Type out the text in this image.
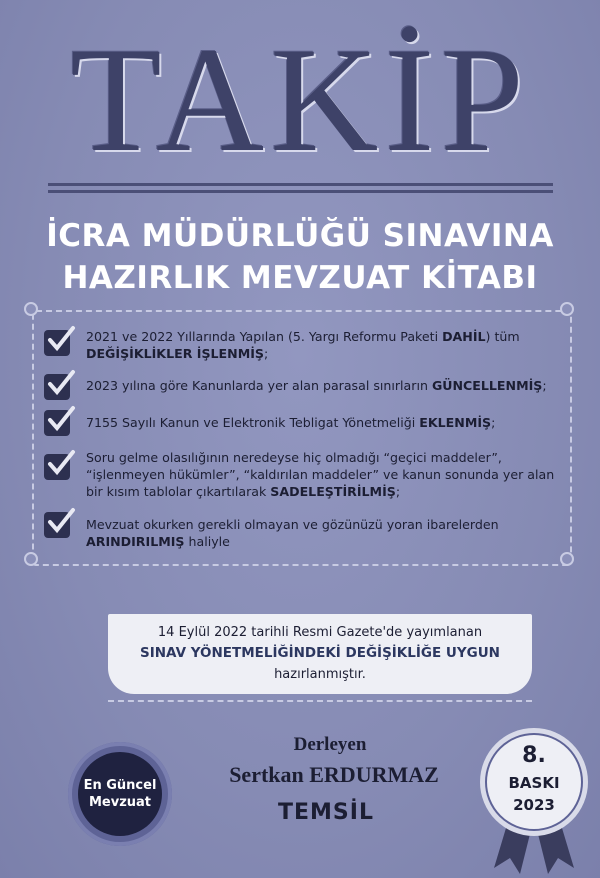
TAKİP
İCRA MÜDÜRLÜĞÜ SINAVINA
HAZIRLIK MEVZUAT KİTABI
2021 ve 2022 Yıllarında Yapılan (5. Yargı Reformu Paketi DAHİL) tüm
DEĞİŞİKLİKLER İŞLENMİŞ;
2023 yılına göre Kanunlarda yer alan parasal sınırların GÜNCELLENMİŞ;
7155 Sayılı Kanun ve Elektronik Tebligat Yönetmeliği EKLENMİŞ;
Soru gelme olasılığının neredeyse hiç olmadığı “geçici maddeler”,
“işlenmeyen hükümler”, “kaldırılan maddeler” ve kanun sonunda yer alan
bir kısım tablolar çıkartılarak SADELEŞTİRİLMİŞ;
Mevzuat okurken gerekli olmayan ve gözünüzü yoran ibarelerden
ARINDIRILMIŞ haliyle
14 Eylül 2022 tarihli Resmi Gazete'de yayımlanan
SINAV YÖNETMELİĞİNDEKİ DEĞİŞİKLİĞE UYGUN
hazırlanmıştır.
En Güncel
Mevzuat
Derleyen
Sertkan ERDURMAZ
TEMSİL
8.
BASKI
2023
